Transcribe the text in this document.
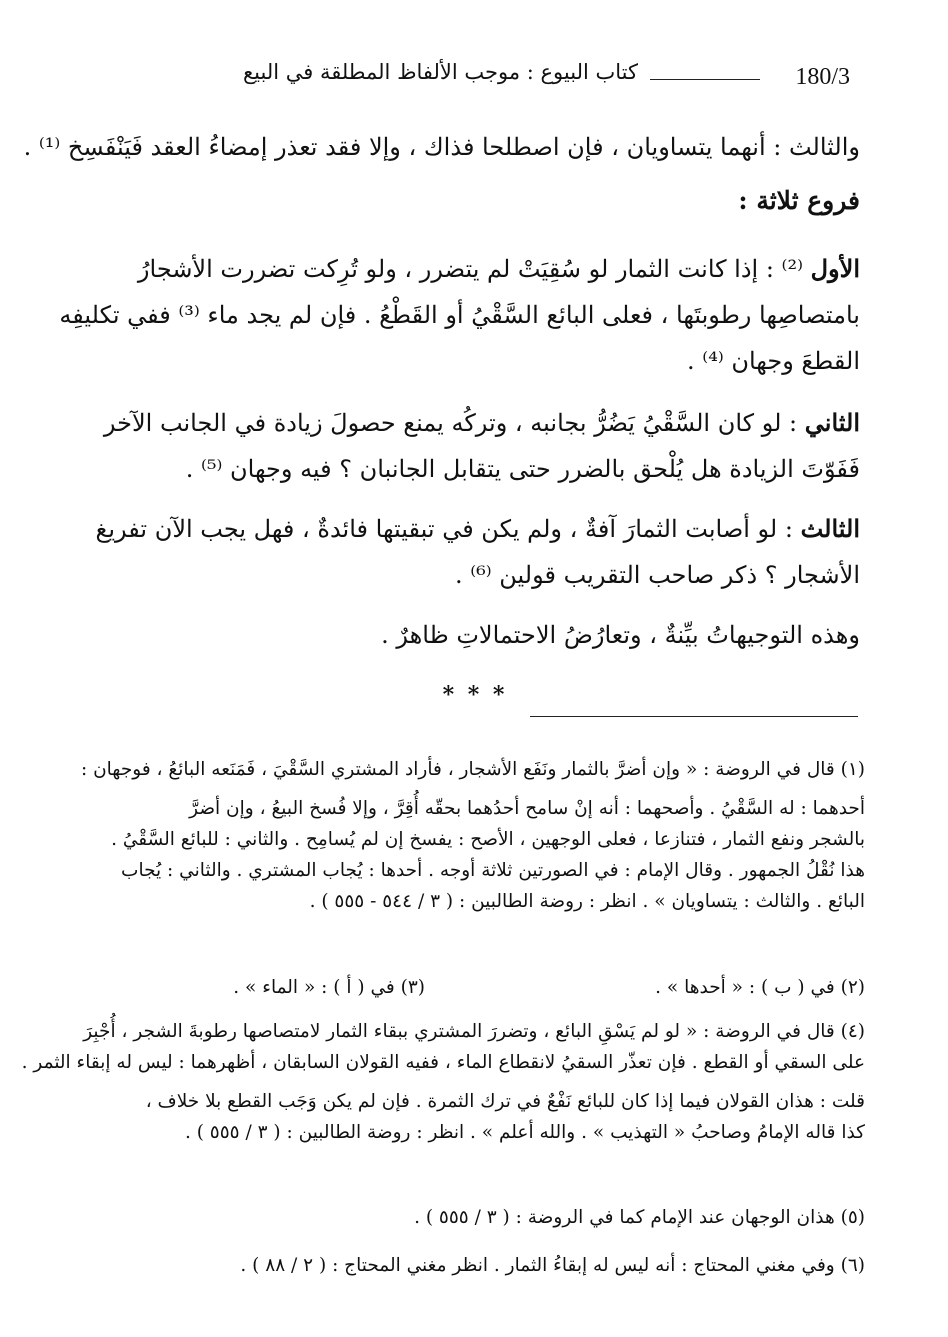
180/3
كتاب البيوع : موجب الألفاظ المطلقة في البيع
والثالث : أنهما يتساويان ، فإن اصطلحا فذاك ، وإلا فقد تعذر إمضاءُ العقد فَيَنْفَسِخ ⁽¹⁾ .
فروع ثلاثة :
الأول ⁽²⁾ : إذا كانت الثمار لو سُقِيَتْ لم يتضرر ، ولو تُرِكت تضررت الأشجارُ
بامتصاصِها رطوبتَها ، فعلى البائع السَّقْيُ أو القَطْعُ . فإن لم يجد ماء ⁽³⁾ ففي تكليفِه
القطعَ وجهان ⁽⁴⁾ .
الثاني : لو كان السَّقْيُ يَضُرُّ بجانبه ، وتركُه يمنع حصولَ زيادة في الجانب الآخر
فَفَوّتَ الزيادة هل يُلْحق بالضرر حتى يتقابل الجانبان ؟ فيه وجهان ⁽⁵⁾ .
الثالث : لو أصابت الثمارَ آفةٌ ، ولم يكن في تبقيتها فائدةٌ ، فهل يجب الآن تفريغ
الأشجار ؟ ذكر صاحب التقريب قولين ⁽⁶⁾ .
وهذه التوجيهاتُ بيِّنةٌ ، وتعارُضُ الاحتمالاتِ ظاهرٌ .
* * *
(١) قال في الروضة : « وإن أضرَّ بالثمار ونَفَع الأشجار ، فأراد المشتري السَّقْيَ ، فَمَنَعه البائعُ ، فوجهان :
أحدهما : له السَّقْيُ . وأصحهما : أنه إنْ سامح أحدُهما بحقّه أُقِرَّ ، وإلا فُسخ البيعُ ، وإن أضرَّ
بالشجر ونفع الثمار ، فتنازعا ، فعلى الوجهين ، الأصح : يفسخ إن لم يُسامِح . والثاني : للبائع السَّقْيُ .
هذا نُقْلُ الجمهور . وقال الإمام : في الصورتين ثلاثة أوجه . أحدها : يُجاب المشتري . والثاني : يُجاب
البائع . والثالث : يتساويان » . انظر : روضة الطالبين : ( ٣ / ٥٤٤ - ٥٥٥ ) .
(٢) في ( ب ) : « أحدها » .
(٣) في ( أ ) : « الماء » .
(٤) قال في الروضة : « لو لم يَسْقِ البائع ، وتضررَ المشتري ببقاء الثمار لامتصاصها رطوبةَ الشجر ، أُجْبِرَ
على السقي أو القطع . فإن تعذّر السقيُ لانقطاع الماء ، ففيه القولان السابقان ، أظهرهما : ليس له إبقاء الثمر .
قلت : هذان القولان فيما إذا كان للبائع نَفْعٌ في ترك الثمرة . فإن لم يكن وَجَب القطع بلا خلاف ،
كذا قاله الإمامُ وصاحبُ « التهذيب » . والله أعلم » . انظر : روضة الطالبين : ( ٣ / ٥٥٥ ) .
(٥) هذان الوجهان عند الإمام كما في الروضة : ( ٣ / ٥٥٥ ) .
(٦) وفي مغني المحتاج : أنه ليس له إبقاءُ الثمار . انظر مغني المحتاج : ( ٢ / ٨٨ ) .
